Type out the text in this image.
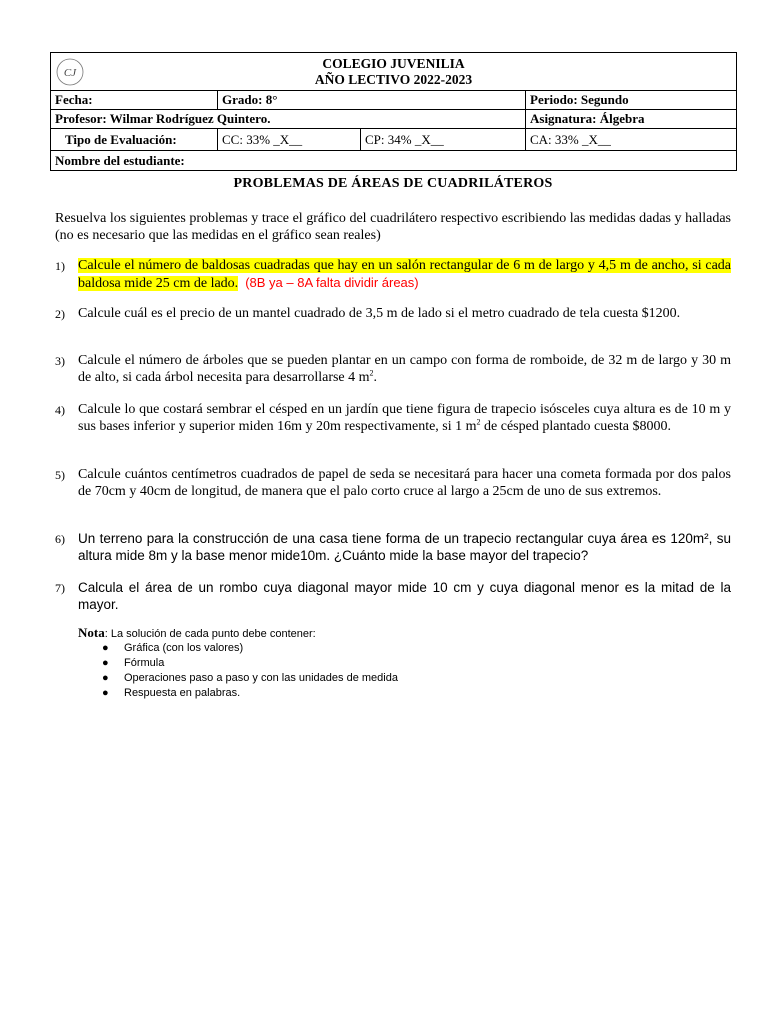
CJ
COLEGIO JUVENILIA
AÑO LECTIVO 2022-2023			

Fecha:	Grado: 8°		Periodo: Segundo
Profesor: Wilmar Rodríguez Quintero.			Asignatura: Álgebra
Tipo de Evaluación:	CC: 33% _X__	CP: 34% _X__	CA: 33% _X__
Nombre del estudiante:			
PROBLEMAS DE ÁREAS DE CUADRILÁTEROS
Resuelva los siguientes problemas y trace el gráfico del cuadrilátero respectivo escribiendo las medidas dadas y halladas (no es necesario que las medidas en el gráfico sean reales)
1) Calcule el número de baldosas cuadradas que hay en un salón rectangular de 6 m de largo y 4,5 m de ancho, si cada baldosa mide 25 cm de lado. (8B ya – 8A falta dividir áreas)
2) Calcule cuál es el precio de un mantel cuadrado de 3,5 m de lado si el metro cuadrado de tela cuesta $1200.
3) Calcule el número de árboles que se pueden plantar en un campo con forma de romboide, de 32 m de largo y 30 m de alto, si cada árbol necesita para desarrollarse 4 $m^2$.
4) Calcule lo que costará sembrar el césped en un jardín que tiene figura de trapecio isósceles cuya altura es de 10 m y sus bases inferior y superior miden 16m y 20m respectivamente, si 1 $m^2$ de césped plantado cuesta $8000.
5) Calcule cuántos centímetros cuadrados de papel de seda se necesitará para hacer una cometa formada por dos palos de 70cm y 40cm de longitud, de manera que el palo corto cruce al largo a 25cm de uno de sus extremos.
6) Un terreno para la construcción de una casa tiene forma de un trapecio rectangular cuya área es 120m², su altura mide 8m y la base menor mide10m. ¿Cuánto mide la base mayor del trapecio?
7) Calcula el área de un rombo cuya diagonal mayor mide 10 cm y cuya diagonal menor es la mitad de la mayor.
Nota: La solución de cada punto debe contener:
● Gráfica (con los valores)
● Fórmula
● Operaciones paso a paso y con las unidades de medida
● Respuesta en palabras.
